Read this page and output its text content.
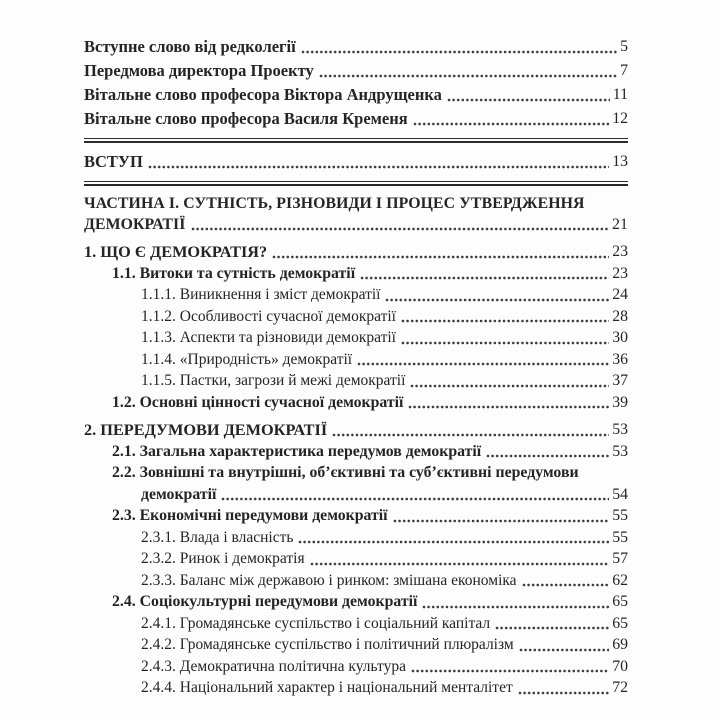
Вступне слово від редколегії	5
Передмова директора Проекту	7
Вітальне слово професора Віктора Андрущенка	11
Вітальне слово професора Василя Кременя	12
ВСТУП	13
ЧАСТИНА І. СУТНІСТЬ, РІЗНОВИДИ І ПРОЦЕС УТВЕРДЖЕННЯ
ДЕМОКРАТІЇ	21
1. ЩО Є ДЕМОКРАТІЯ?	23
1.1. Витоки та сутність демократії	23
1.1.1. Виникнення і зміст демократії	24
1.1.2. Особливості сучасної демократії	28
1.1.3. Аспекти та різновиди демократії	30
1.1.4. «Природність» демократії	36
1.1.5. Пастки, загрози й межі демократії	37
1.2. Основні цінності сучасної демократії	39
2. ПЕРЕДУМОВИ ДЕМОКРАТІЇ	53
2.1. Загальна характеристика передумов демократії	53
2.2. Зовнішні та внутрішні, об’єктивні та суб’єктивні передумови
демократії	54
2.3. Економічні передумови демократії	55
2.3.1. Влада і власність	55
2.3.2. Ринок і демократія	57
2.3.3. Баланс між державою і ринком: змішана економіка	62
2.4. Соціокультурні передумови демократії	65
2.4.1. Громадянське суспільство і соціальний капітал	65
2.4.2. Громадянське суспільство і політичний плюралізм	69
2.4.3. Демократична політична культура	70
2.4.4. Національний характер і національний менталітет	72
